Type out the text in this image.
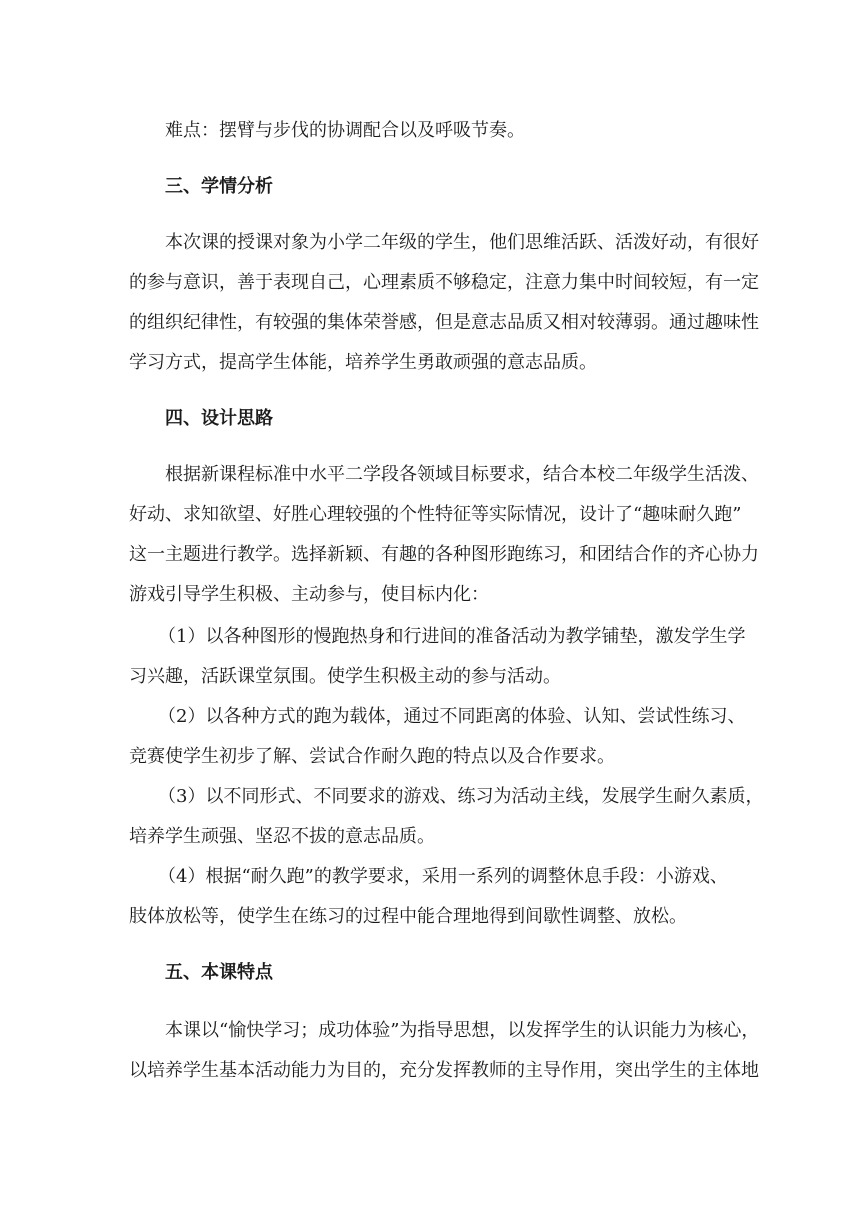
难点：摆臂与步伐的协调配合以及呼吸节奏。
三、学情分析
本次课的授课对象为小学二年级的学生，他们思维活跃、活泼好动，有很好
的参与意识，善于表现自己，心理素质不够稳定，注意力集中时间较短，有一定
的组织纪律性，有较强的集体荣誉感，但是意志品质又相对较薄弱。通过趣味性
学习方式，提高学生体能，培养学生勇敢顽强的意志品质。
四、设计思路
根据新课程标准中水平二学段各领域目标要求，结合本校二年级学生活泼、
好动、求知欲望、好胜心理较强的个性特征等实际情况，设计了“趣味耐久跑”
这一主题进行教学。选择新颖、有趣的各种图形跑练习，和团结合作的齐心协力
游戏引导学生积极、主动参与，使目标内化：
（1）以各种图形的慢跑热身和行进间的准备活动为教学铺垫，激发学生学
习兴趣，活跃课堂氛围。使学生积极主动的参与活动。
（2）以各种方式的跑为载体，通过不同距离的体验、认知、尝试性练习、
竞赛使学生初步了解、尝试合作耐久跑的特点以及合作要求。
（3）以不同形式、不同要求的游戏、练习为活动主线，发展学生耐久素质，
培养学生顽强、坚忍不拔的意志品质。
（4）根据“耐久跑”的教学要求，采用一系列的调整休息手段：小游戏、
肢体放松等，使学生在练习的过程中能合理地得到间歇性调整、放松。
五、本课特点
本课以“愉快学习；成功体验”为指导思想，以发挥学生的认识能力为核心，
以培养学生基本活动能力为目的，充分发挥教师的主导作用，突出学生的主体地
